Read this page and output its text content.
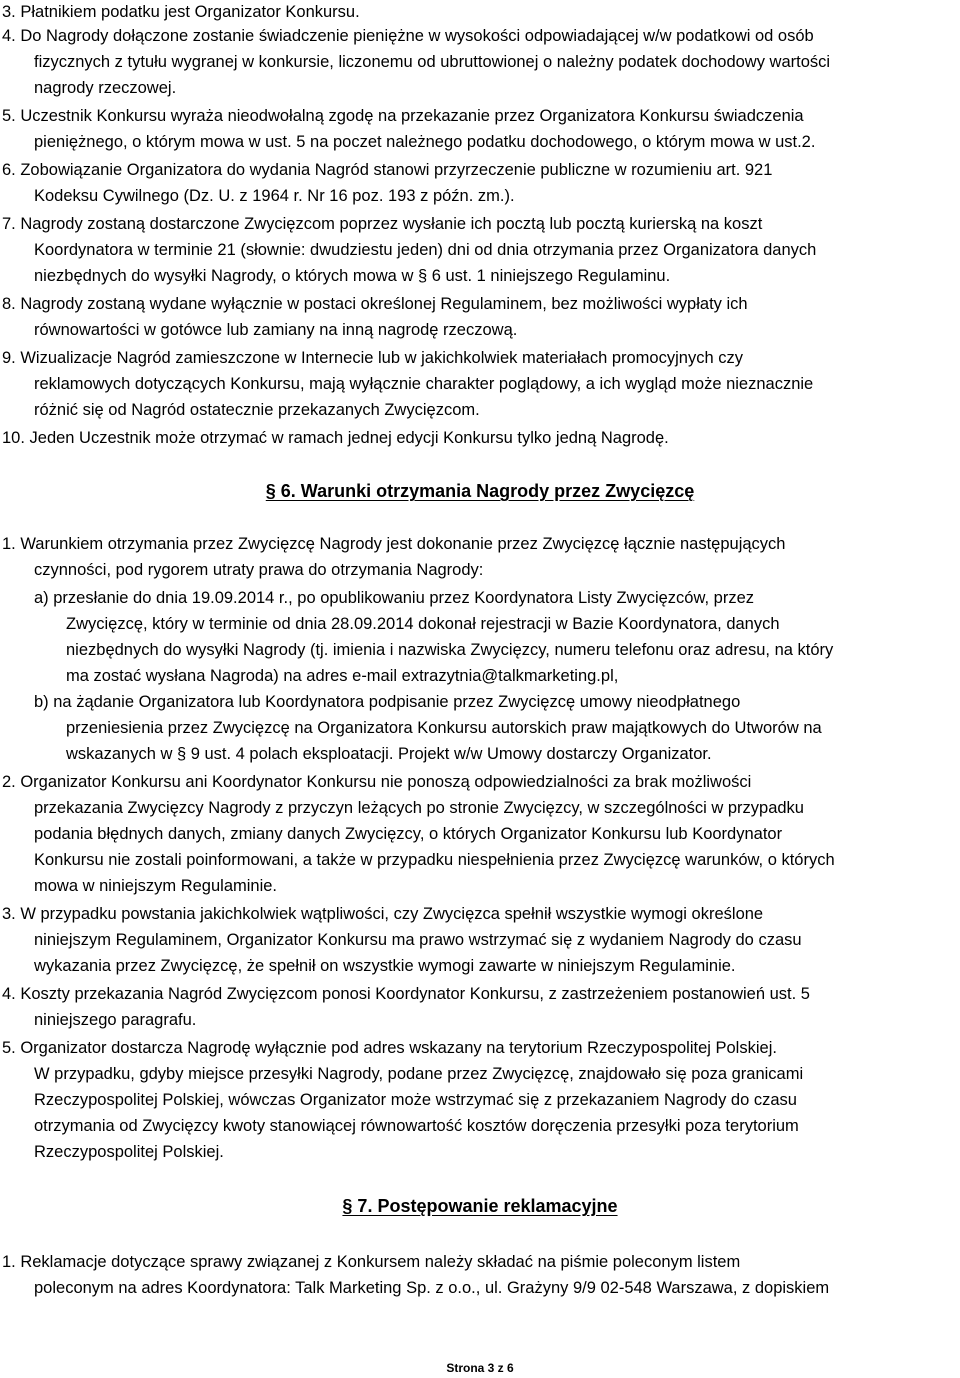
3. Płatnikiem podatku jest Organizator Konkursu.
4. Do Nagrody dołączone zostanie świadczenie pieniężne w wysokości odpowiadającej w/w podatkowi od osób
fizycznych z tytułu wygranej w konkursie, liczonemu od ubruttowionej o należny podatek dochodowy wartości
nagrody rzeczowej.
5. Uczestnik Konkursu wyraża nieodwołalną zgodę na przekazanie przez Organizatora Konkursu świadczenia
pieniężnego, o którym mowa w ust. 5 na poczet należnego podatku dochodowego, o którym mowa w ust.2.
6. Zobowiązanie Organizatora do wydania Nagród stanowi przyrzeczenie publiczne w rozumieniu art. 921
Kodeksu Cywilnego (Dz. U. z 1964 r. Nr 16 poz. 193 z późn. zm.).
7. Nagrody zostaną dostarczone Zwycięzcom poprzez wysłanie ich pocztą lub pocztą kurierską na koszt
Koordynatora w terminie 21 (słownie: dwudziestu jeden) dni od dnia otrzymania przez Organizatora danych
niezbędnych do wysyłki Nagrody, o których mowa w § 6 ust. 1 niniejszego Regulaminu.
8. Nagrody zostaną wydane wyłącznie w postaci określonej Regulaminem, bez możliwości wypłaty ich
równowartości w gotówce lub zamiany na inną nagrodę rzeczową.
9. Wizualizacje Nagród zamieszczone w Internecie lub w jakichkolwiek materiałach promocyjnych czy
reklamowych dotyczących Konkursu, mają wyłącznie charakter poglądowy, a ich wygląd może nieznacznie
różnić się od Nagród ostatecznie przekazanych Zwycięzcom.
10. Jeden Uczestnik może otrzymać w ramach jednej edycji Konkursu tylko jedną Nagrodę.
§ 6. Warunki otrzymania Nagrody przez Zwycięzcę
1. Warunkiem otrzymania przez Zwycięzcę Nagrody jest dokonanie przez Zwycięzcę łącznie następujących
czynności, pod rygorem utraty prawa do otrzymania Nagrody:
a) przesłanie do dnia 19.09.2014 r., po opublikowaniu przez Koordynatora Listy Zwycięzców, przez
Zwycięzcę, który w terminie od dnia 28.09.2014 dokonał rejestracji w Bazie Koordynatora, danych
niezbędnych do wysyłki Nagrody (tj. imienia i nazwiska Zwycięzcy, numeru telefonu oraz adresu, na który
ma zostać wysłana Nagroda) na adres e-mail extrazytnia@talkmarketing.pl,
b) na żądanie Organizatora lub Koordynatora podpisanie przez Zwycięzcę umowy nieodpłatnego
przeniesienia przez Zwycięzcę na Organizatora Konkursu autorskich praw majątkowych do Utworów na
wskazanych w § 9 ust. 4 polach eksploatacji. Projekt w/w Umowy dostarczy Organizator.
2. Organizator Konkursu ani Koordynator Konkursu nie ponoszą odpowiedzialności za brak możliwości
przekazania Zwycięzcy Nagrody z przyczyn leżących po stronie Zwycięzcy, w szczególności w przypadku
podania błędnych danych, zmiany danych Zwycięzcy, o których Organizator Konkursu lub Koordynator
Konkursu nie zostali poinformowani, a także w przypadku niespełnienia przez Zwycięzcę warunków, o których
mowa w niniejszym Regulaminie.
3. W przypadku powstania jakichkolwiek wątpliwości, czy Zwycięzca spełnił wszystkie wymogi określone
niniejszym Regulaminem, Organizator Konkursu ma prawo wstrzymać się z wydaniem Nagrody do czasu
wykazania przez Zwycięzcę, że spełnił on wszystkie wymogi zawarte w niniejszym Regulaminie.
4. Koszty przekazania Nagród Zwycięzcom ponosi Koordynator Konkursu, z zastrzeżeniem postanowień ust. 5
niniejszego paragrafu.
5. Organizator dostarcza Nagrodę wyłącznie pod adres wskazany na terytorium Rzeczypospolitej Polskiej.
W przypadku, gdyby miejsce przesyłki Nagrody, podane przez Zwycięzcę, znajdowało się poza granicami
Rzeczypospolitej Polskiej, wówczas Organizator może wstrzymać się z przekazaniem Nagrody do czasu
otrzymania od Zwycięzcy kwoty stanowiącej równowartość kosztów doręczenia przesyłki poza terytorium
Rzeczypospolitej Polskiej.
§ 7. Postępowanie reklamacyjne
1. Reklamacje dotyczące sprawy związanej z Konkursem należy składać na piśmie poleconym listem
poleconym na adres Koordynatora: Talk Marketing Sp. z o.o., ul. Grażyny 9/9 02-548 Warszawa, z dopiskiem
Strona 3 z 6
